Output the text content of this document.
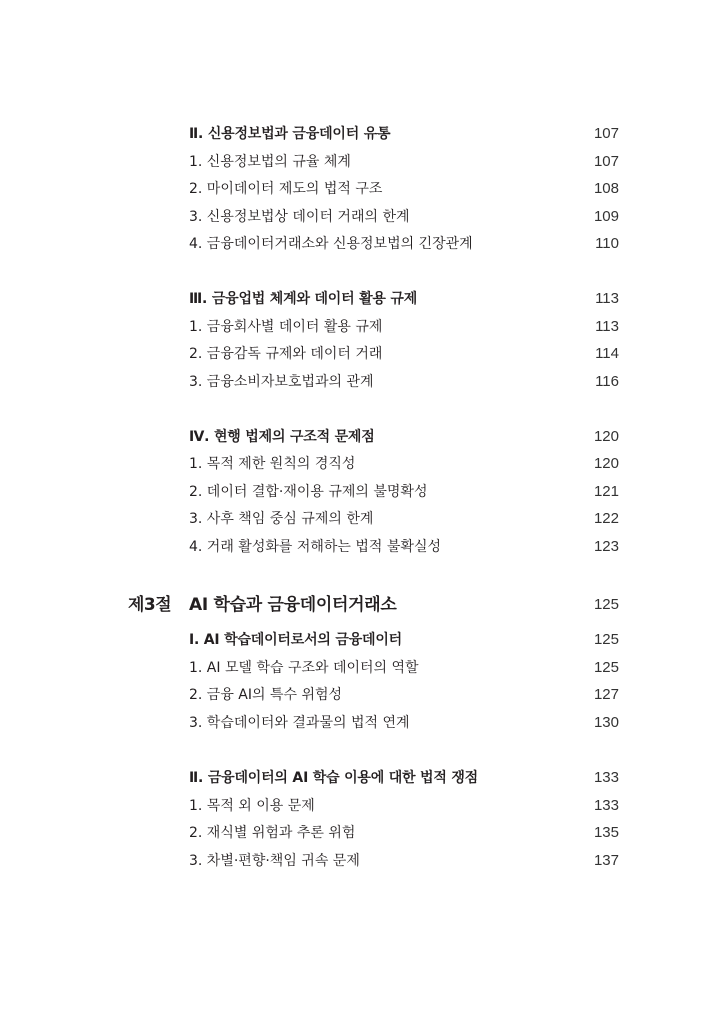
Ⅱ. 신용정보법과 금융데이터 유통	107
1. 신용정보법의 규율 체계	107
2. 마이데이터 제도의 법적 구조	108
3. 신용정보법상 데이터 거래의 한계	109
4. 금융데이터거래소와 신용정보법의 긴장관계	110
Ⅲ. 금융업법 체계와 데이터 활용 규제	113
1. 금융회사별 데이터 활용 규제	113
2. 금융감독 규제와 데이터 거래	114
3. 금융소비자보호법과의 관계	116
Ⅳ. 현행 법제의 구조적 문제점	120
1. 목적 제한 원칙의 경직성	120
2. 데이터 결합·재이용 규제의 불명확성	121
3. 사후 책임 중심 규제의 한계	122
4. 거래 활성화를 저해하는 법적 불확실성	123
제3절 AI 학습과 금융데이터거래소	125
Ⅰ. AI 학습데이터로서의 금융데이터	125
1. AI 모델 학습 구조와 데이터의 역할	125
2. 금융 AI의 특수 위험성	127
3. 학습데이터와 결과물의 법적 연계	130
Ⅱ. 금융데이터의 AI 학습 이용에 대한 법적 쟁점	133
1. 목적 외 이용 문제	133
2. 재식별 위험과 추론 위험	135
3. 차별·편향·책임 귀속 문제	137
